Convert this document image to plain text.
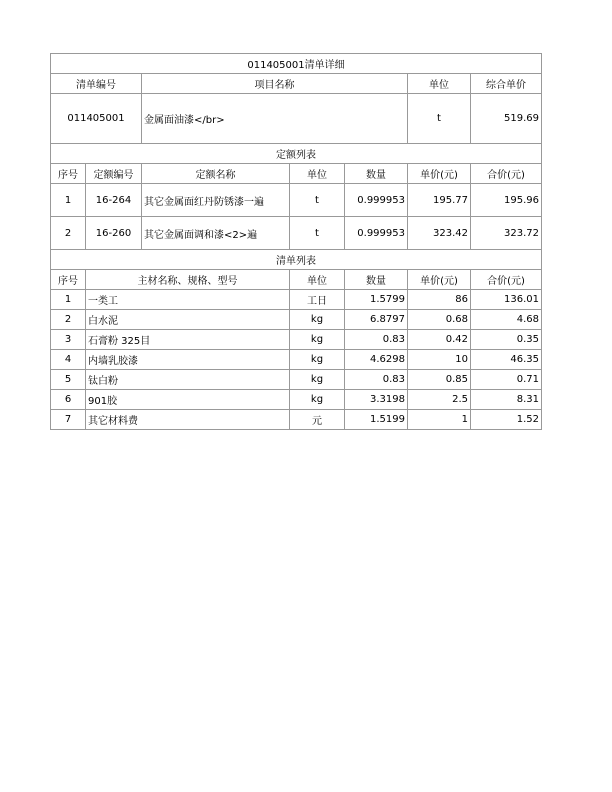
011405001清单详细						
清单编号		项目名称			单位	综合单价
011405001		金属面油漆</br>			t	519.69
定额列表						
序号	定额编号	定额名称	单位	数量	单价(元)	合价(元)
1	16-264	其它金属面红丹防锈漆一遍	t	0.999953	195.77	195.96
2	16-260	其它金属面调和漆<2>遍	t	0.999953	323.42	323.72
清单列表						
序号	主材名称、规格、型号		单位	数量	单价(元)	合价(元)
1	一类工		工日	1.5799	86	136.01
2	白水泥		kg	6.8797	0.68	4.68
3	石膏粉 325目		kg	0.83	0.42	0.35
4	内墙乳胶漆		kg	4.6298	10	46.35
5	钛白粉		kg	0.83	0.85	0.71
6	901胶		kg	3.3198	2.5	8.31
7	其它材料费		元	1.5199	1	1.52
